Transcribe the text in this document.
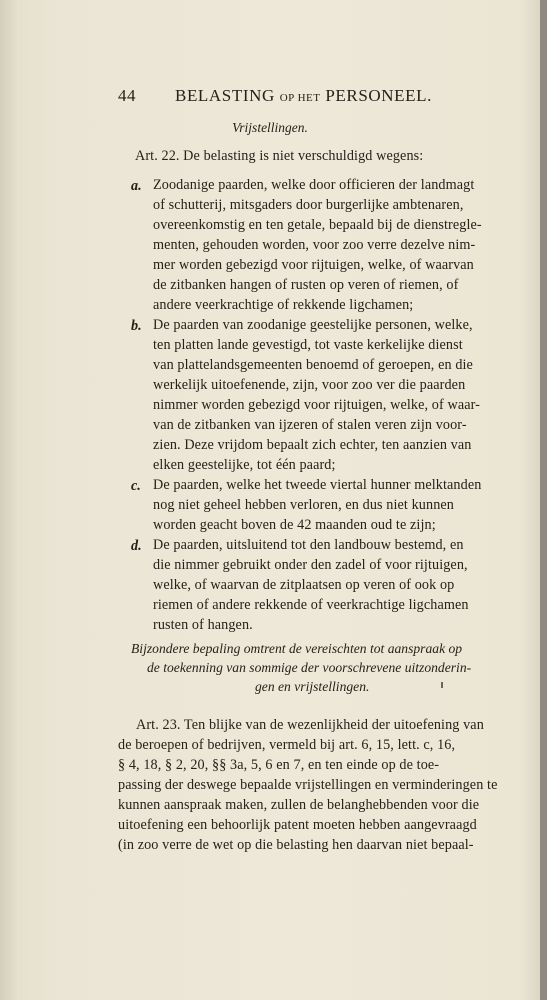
44 BELASTING OP HET PERSONEEL.
Vrijstellingen.
Art. 22. De belasting is niet verschuldigd wegens:
a. Zoodanige paarden, welke door officieren der landmagt
of schutterij, mitsgaders door burgerlijke ambtenaren,
overeenkomstig en ten getale, bepaald bij de dienstregle-
menten, gehouden worden, voor zoo verre dezelve nim-
mer worden gebezigd voor rijtuigen, welke, of waarvan
de zitbanken hangen of rusten op veren of riemen, of
andere veerkrachtige of rekkende ligchamen;
b. De paarden van zoodanige geestelijke personen, welke,
ten platten lande gevestigd, tot vaste kerkelijke dienst
van plattelandsgemeenten benoemd of geroepen, en die
werkelijk uitoefenende, zijn, voor zoo ver die paarden
nimmer worden gebezigd voor rijtuigen, welke, of waar-
van de zitbanken van ijzeren of stalen veren zijn voor-
zien. Deze vrijdom bepaalt zich echter, ten aanzien van
elken geestelijke, tot één paard;
c. De paarden, welke het tweede viertal hunner melktanden
nog niet geheel hebben verloren, en dus niet kunnen
worden geacht boven de 42 maanden oud te zijn;
d. De paarden, uitsluitend tot den landbouw bestemd, en
die nimmer gebruikt onder den zadel of voor rijtuigen,
welke, of waarvan de zitplaatsen op veren of ook op
riemen of andere rekkende of veerkrachtige ligchamen
rusten of hangen.
Bijzondere bepaling omtrent de vereischten tot aanspraak op
de toekenning van sommige der voorschrevene uitzonderin-
gen en vrijstellingen.
Art. 23. Ten blijke van de wezenlijkheid der uitoefening van
de beroepen of bedrijven, vermeld bij art. 6, 15, lett. c, 16,
§ 4, 18, § 2, 20, §§ 3a, 5, 6 en 7, en ten einde op de toe-
passing der deswege bepaalde vrijstellingen en verminderingen te
kunnen aanspraak maken, zullen de belanghebbenden voor die
uitoefening een behoorlijk patent moeten hebben aangevraagd
(in zoo verre de wet op die belasting hen daarvan niet bepaal-
